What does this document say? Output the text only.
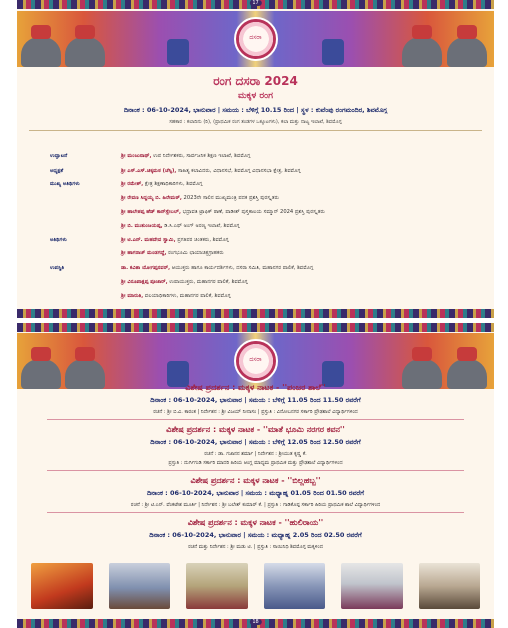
17
ದಸರಾ
ರಂಗ ದಸರಾ 2024
ಮಕ್ಕಳ ರಂಗ
ದಿನಾಂಕ : 06-10-2024, ಭಾನುವಾರ | ಸಮಯ : ಬೆಳಿಗ್ಗೆ 10.15 ರಿಂದ | ಸ್ಥಳ : ಕುವೆಂಪು ರಂಗಮಂದಿರ, ಶಿವಮೊಗ್ಗ
ಸಹಕಾರ : ಕಲಾದಿನು (ರಿ), (ಪ್ರಾಥಮಿಕ ರಂಗ ತಂಡಗಳ ಒಕ್ಕೂಟಗಳು), ಕಲಾ ಮತ್ತು ನಾಟ್ಯ ಇಲಾಖೆ, ಶಿವಮೊಗ್ಗ
ಉದ್ಘಾಟನೆ	ಶ್ರೀ ಮಂಜುನಾಥ್, ಉಪ ನಿರ್ದೇಶಕರು, ಸಾರ್ವಜನಿಕ ಶಿಕ್ಷಣ ಇಲಾಖೆ, ಶಿವಮೊಗ್ಗ
ಅಧ್ಯಕ್ಷತೆ	ಶ್ರೀ ಎಸ್.ಎಸ್.ಚಿಕ್ಕಮಠ (ಚೆಸ್ಸಿ), ಸಾಹಿತ್ಯ ಕಲಾವಿದರು, ವಿಧಾನಸಭೆ, ಶಿವಮೊಗ್ಗ ವಿಧಾನಸಭಾ ಕ್ಷೇತ್ರ, ಶಿವಮೊಗ್ಗ
ಮುಖ್ಯ ಅತಿಥಿಗಳು	ಶ್ರೀ ರಮೇಶ್, ಕ್ಷೇತ್ರ ಶಿಕ್ಷಣಾಧಿಕಾರಿಗಳು, ಶಿವಮೊಗ್ಗ
ಶ್ರೀ ರೇವಣ ಸಿದ್ದಯ್ಯ ಬಿ. ಹಿರೇಮಠ್, 2023ನೇ ಸಾಲಿನ ಮುಖ್ಯಮಂತ್ರಿ ಪದಕ ಪ್ರಶಸ್ತಿ ಪುರಸ್ಕೃತರು
ಶ್ರೀ ಹಾಲೇಶಪ್ಪ ಹೆಡ್ ಕಾನ್‌ಸ್ಟೇಬಲ್, ಭದ್ರಾವತಿ ಟ್ರಾಫಿಕ್ ಠಾಣೆ, ಪಾಡೀಶ್ ಪುಸ್ತಕಾಲಯ ಸಮ್ಮಾನ್ 2024 ಪ್ರಶಸ್ತಿ ಪುರಸ್ಕೃತರು
ಶ್ರೀ ಬಿ. ಮುತುಂಜಯಪ್ಪ, ಡಿ.ಸಿ.ಎಫ್ ಅಂಗ್ ಅರಣ್ಯ ಇಲಾಖೆ, ಶಿವಮೊಗ್ಗ
ಅತಿಥಿಗಳು	ಶ್ರೀ ಟಿ.ಎನ್. ಮಹದೇವ ಸ್ವಾಮಿ, ಪ್ರಗತಿಪರ ಚಿಂತಕರು, ಶಿವಮೊಗ್ಗ
ಶ್ರೀ ಹಾಗರಾಜ್ ಮಂಡಗದ್ದೆ, ರಂಗಭೂಮಿ ಛಾಯಾಚಿತ್ರಗ್ರಾಹಕರು
ಉಪಸ್ಥಿತಿ	ಡಾ. ಕವಿತಾ ಯೋಗಪ್ಪನವರ್, ಆಯುಕ್ತರು ಹಾಗೂ ಕಾರ್ಯದರ್ಶಿಗಳು, ದಸರಾ ಸಮಿತಿ, ಮಹಾನಗರ ಪಾಲಿಕೆ, ಶಿವಮೊಗ್ಗ
ಶ್ರೀ ವಿರೂಪಾಕ್ಷಪ್ಪ ಪೂಜಾರ್, ಉಪಾಯುಕ್ತರು, ಮಹಾನಗರ ಪಾಲಿಕೆ, ಶಿವಮೊಗ್ಗ
ಶ್ರೀ ಮಾರುತಿ, ವಲಯಾಧಿಕಾರಿಗಳು, ಮಹಾನಗರ ಪಾಲಿಕೆ, ಶಿವಮೊಗ್ಗ
ದಸರಾ
ವಿಶೇಷ ಪ್ರದರ್ಶನ : ಮಕ್ಕಳ ನಾಟಕ - ''ಪಂಜರ ಶಾಲೆ''
ದಿನಾಂಕ : 06-10-2024, ಭಾನುವಾರ | ಸಮಯ : ಬೆಳಿಗ್ಗೆ 11.05 ರಿಂದ 11.50 ರವರೆಗೆ
ರಚನೆ : ಶ್ರೀ ಬಿ.ವಿ. ಕಾರಂತ | ನಿರ್ದೇಶನ : ಶ್ರೀ ವಿಜಯ್ ನೀನಾಸಂ | ಪ್ರಸ್ತುತಿ : ವಿನೋಬನಗರ ಸರ್ಕಾರಿ ಪ್ರೌಢಶಾಲೆ ವಿದ್ಯಾರ್ಥಿಗಳಿಂದ
ವಿಶೇಷ ಪ್ರದರ್ಶನ : ಮಕ್ಕಳ ನಾಟಕ - ''ಮಾತೆ ಭೂಮಿ ನರಗರ ಕವನ''
ದಿನಾಂಕ : 06-10-2024, ಭಾನುವಾರ | ಸಮಯ : ಬೆಳಿಗ್ಗೆ 12.05 ರಿಂದ 12.50 ರವರೆಗೆ
ರಚನೆ : ಡಾ. ಗಜಾನನ ಶರ್ಮಾ | ನಿರ್ದೇಶನ : ಶ್ರೀಯುತ ಕೃಷ್ಣ ಕೆ.
ಪ್ರಸ್ತುತಿ : ದುರ್ಗಿಗುಡಿ ಸರ್ಕಾರಿ ಮಾದರಿ ಹಿರಿಯ ಆಂಗ್ಲ ಮಾಧ್ಯಮ ಪ್ರಾಥಮಿಕ ಮತ್ತು ಪ್ರೌಢಶಾಲೆ ವಿದ್ಯಾರ್ಥಿಗಳಿಂದ
ವಿಶೇಷ ಪ್ರದರ್ಶನ : ಮಕ್ಕಳ ನಾಟಕ - ''ಬಿಲ್ಲಹಬ್ಬ''
ದಿನಾಂಕ : 06-10-2024, ಭಾನುವಾರ | ಸಮಯ : ಮಧ್ಯಾಹ್ನ 01.05 ರಿಂದ 01.50 ರವರೆಗೆ
ರಚನೆ : ಶ್ರೀ ಟಿ.ಎನ್. ವೆಂಕಟೇಶ ಮೂರ್ತಿ | ನಿರ್ದೇಶನ : ಶ್ರೀ ಬಲೇಶ್ ಕುಮಾರ್ ಕೆ. | ಪ್ರಸ್ತುತಿ : ಗಾಡಿಕೊಪ್ಪ ಸರ್ಕಾರಿ ಹಿರಿಯ ಪ್ರಾಥಮಿಕ ಶಾಲೆ ವಿದ್ಯಾರ್ಥಿಗಳಿಂದ
ವಿಶೇಷ ಪ್ರದರ್ಶನ : ಮಕ್ಕಳ ನಾಟಕ - ''ಹುಲಿರಾಯ''
ದಿನಾಂಕ : 06-10-2024, ಭಾನುವಾರ | ಸಮಯ : ಮಧ್ಯಾಹ್ನ 2.05 ರಿಂದ 02.50 ರವರೆಗೆ
ರಚನೆ ಮತ್ತು ನಿರ್ದೇಶನ : ಶ್ರೀ ಮಡು ಟಿ. | ಪ್ರಸ್ತುತಿ : ಸಾಯಿನಿಧಿ ಶಿವಮೊಗ್ಗ ಮಕ್ಕಳಿಂದ
18
